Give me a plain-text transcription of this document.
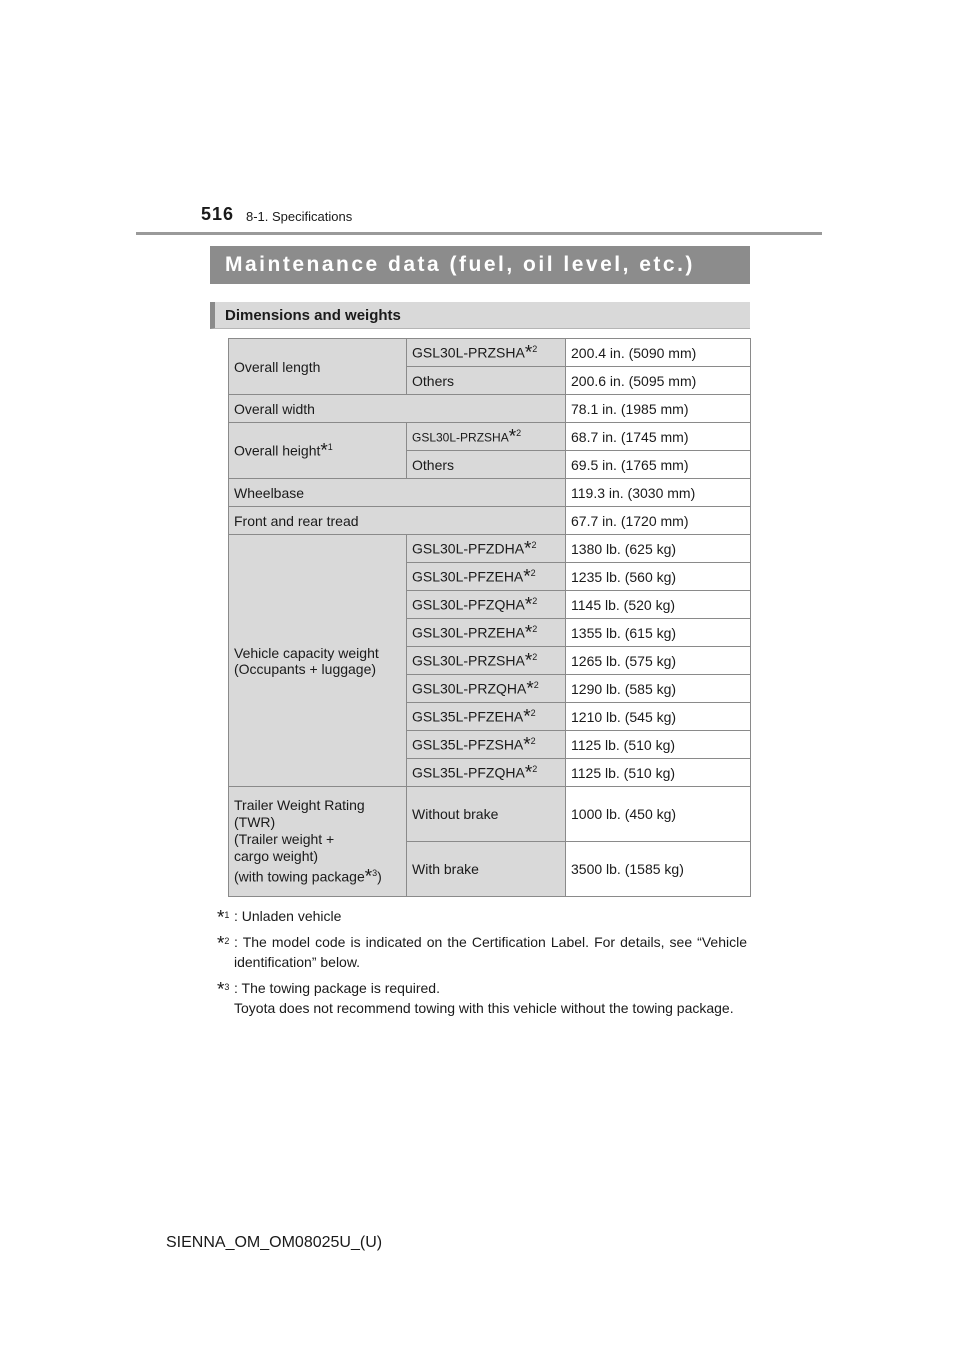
516 8-1. Specifications
Maintenance data (fuel, oil level, etc.)
Dimensions and weights
Overall length	GSL30L-PRZSHA*$^2$	200.4 in. (5090 mm)
	Others	200.6 in. (5095 mm)
Overall width		78.1 in. (1985 mm)
Overall height*$^1$	GSL30L-PRZSHA*$^2$	68.7 in. (1745 mm)
	Others	69.5 in. (1765 mm)
Wheelbase		119.3 in. (3030 mm)
Front and rear tread		67.7 in. (1720 mm)

Vehicle capacity weight
(Occupants + luggage)	GSL30L-PFZDHA*$^2$	1380 lb. (625 kg)
	GSL30L-PFZEHA*$^2$	1235 lb. (560 kg)
	GSL30L-PFZQHA*$^2$	1145 lb. (520 kg)
	GSL30L-PRZEHA*$^2$	1355 lb. (615 kg)
	GSL30L-PRZSHA*$^2$	1265 lb. (575 kg)
	GSL30L-PRZQHA*$^2$	1290 lb. (585 kg)
	GSL35L-PFZEHA*$^2$	1210 lb. (545 kg)
	GSL35L-PFZSHA*$^2$	1125 lb. (510 kg)
	GSL35L-PFZQHA*$^2$	1125 lb. (510 kg)

Trailer Weight Rating
(TWR)
(Trailer weight +
cargo weight)
(with towing package*$^3$)	Without brake	1000 lb. (450 kg)
	With brake	3500 lb. (1585 kg)
*$^1$ : Unladen vehicle
*$^2$ : The model code is indicated on the Certification Label. For details, see “Vehicle identification” below.
*$^3$ : The towing package is required.
Toyota does not recommend towing with this vehicle without the towing package.
SIENNA_OM_OM08025U_(U)
